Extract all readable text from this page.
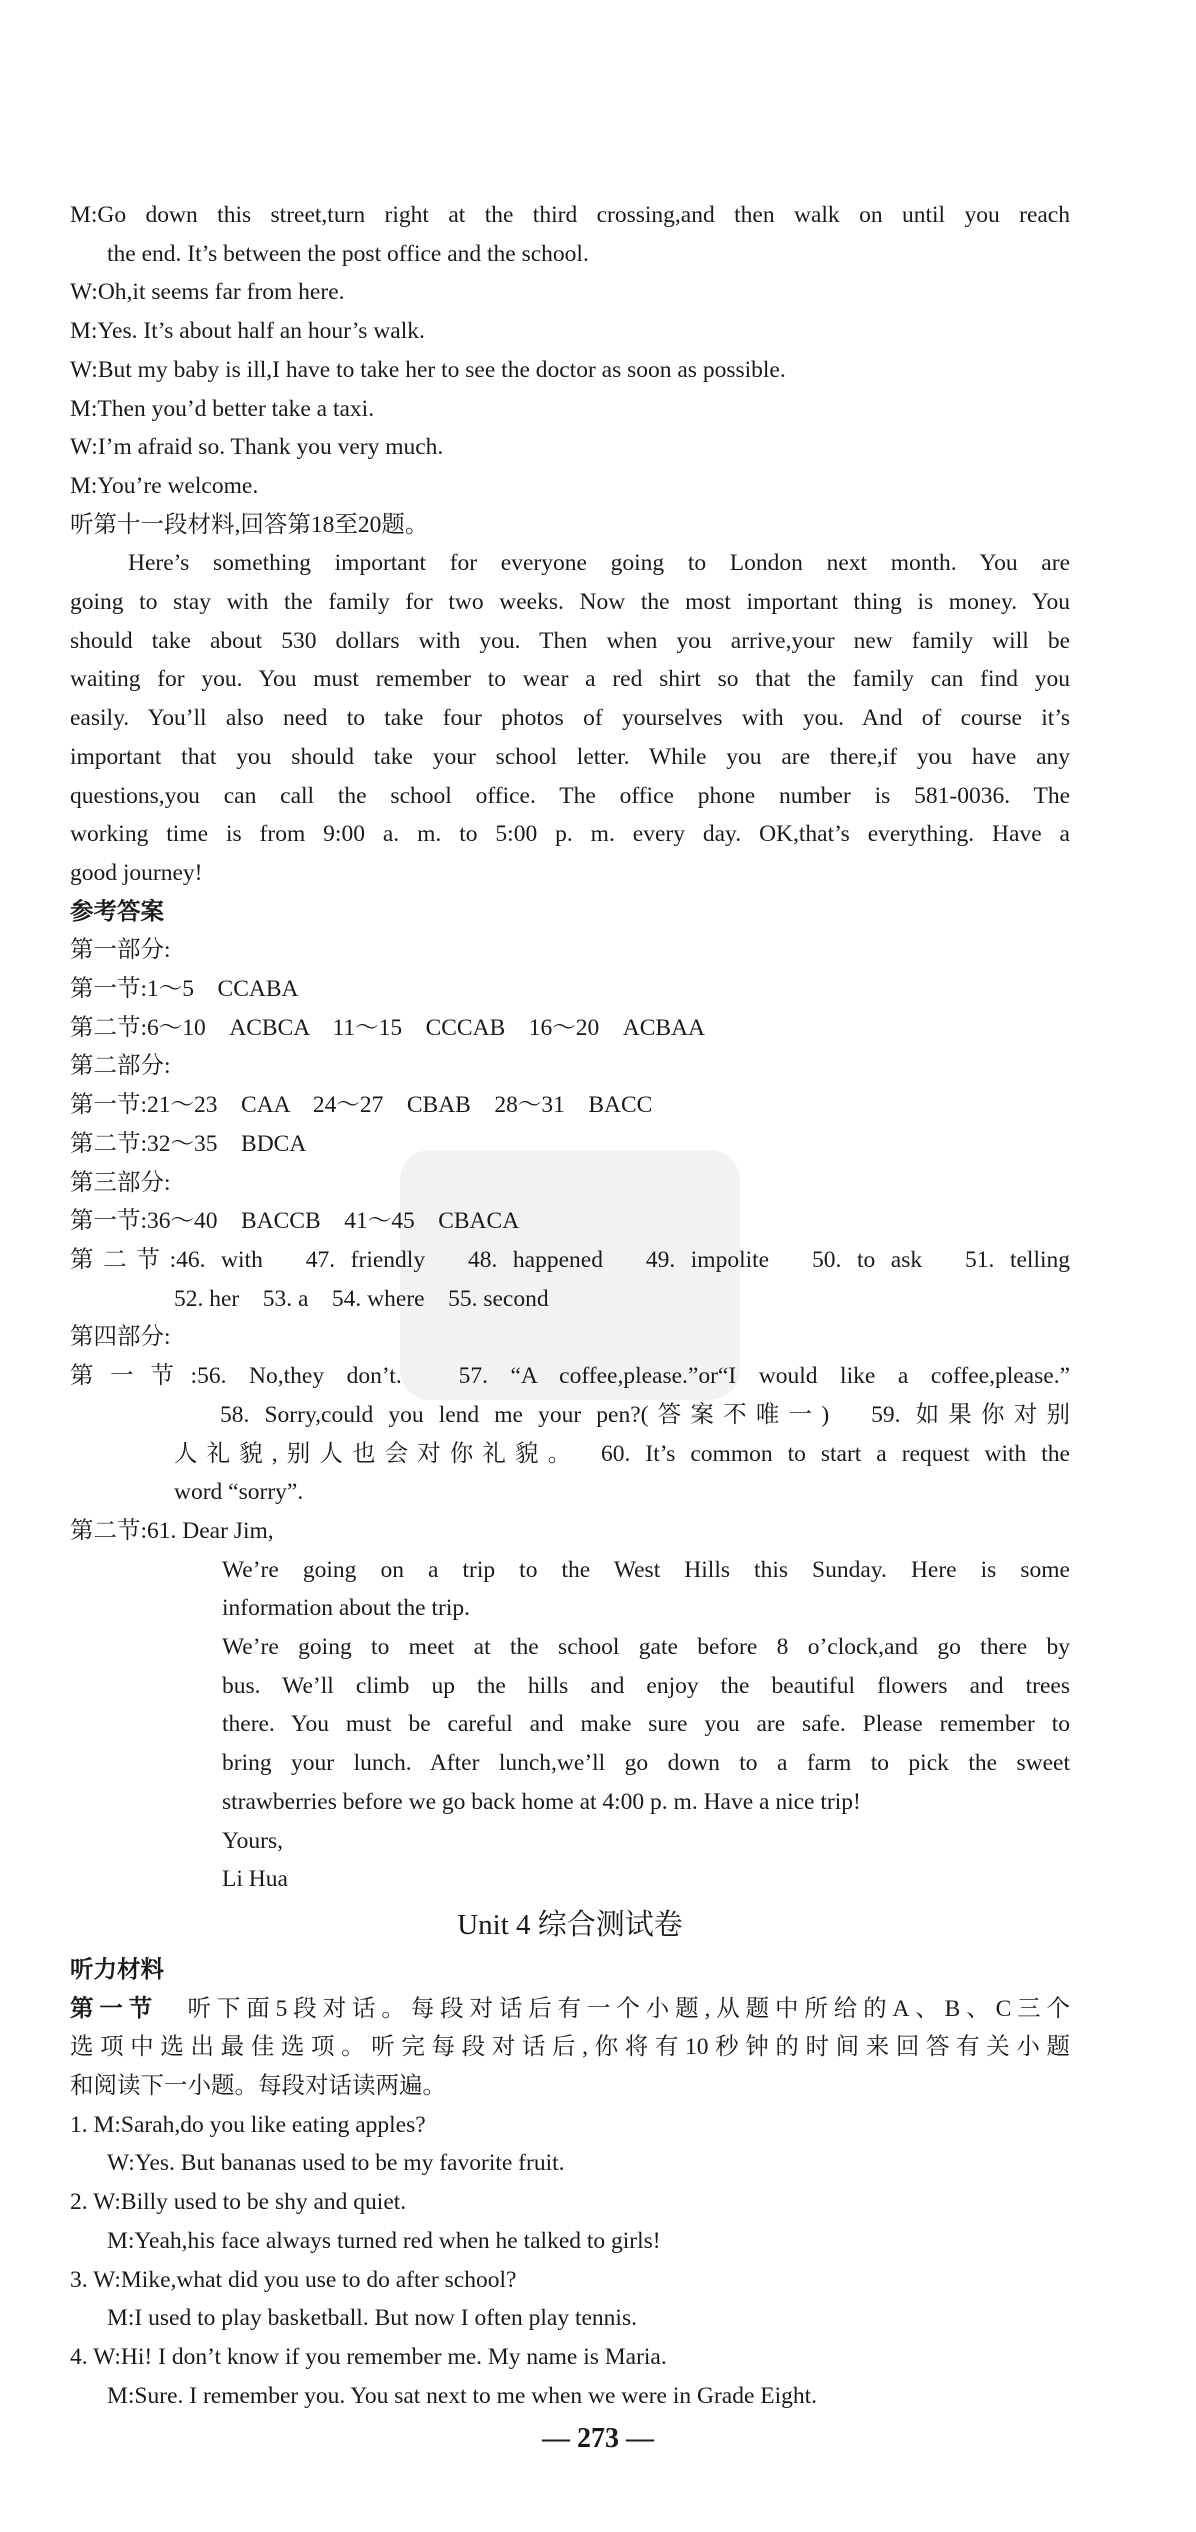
M:Go down this street,turn right at the third crossing,and then walk on until you reach
the end. It’s between the post office and the school.
W:Oh,it seems far from here.
M:Yes. It’s about half an hour’s walk.
W:But my baby is ill,I have to take her to see the doctor as soon as possible.
M:Then you’d better take a taxi.
W:I’m afraid so. Thank you very much.
M:You’re welcome.
听第十一段材料,回答第18至20题。
Here’s something important for everyone going to London next month. You are
going to stay with the family for two weeks. Now the most important thing is money. You
should take about 530 dollars with you. Then when you arrive,your new family will be
waiting for you. You must remember to wear a red shirt so that the family can find you
easily. You’ll also need to take four photos of yourselves with you. And of course it’s
important that you should take your school letter. While you are there,if you have any
questions,you can call the school office. The office phone number is 581-0036. The
working time is from 9:00 a. m. to 5:00 p. m. every day. OK,that’s everything. Have a
good journey!
参考答案
第一部分:
第一节:1～5　CCABA
第二节:6～10　ACBCA　11～15　CCCAB　16～20　ACBAA
第二部分:
第一节:21～23　CAA　24～27　CBAB　28～31　BACC
第二节:32～35　BDCA
第三部分:
第一节:36～40　BACCB　41～45　CBACA
第二节:46. with　47. friendly　48. happened　49. impolite　50. to ask　51. telling
52. her　53. a　54. where　55. second
第四部分:
第一节:56. No,they don’t.　57. “A coffee,please.”or“I would like a coffee,please.”
58. Sorry,could you lend me your pen?(答案不唯一)　59. 如果你对别
人礼貌,别人也会对你礼貌。　60. It’s common to start a request with the
word “sorry”.
第二节:61. Dear Jim,
We’re going on a trip to the West Hills this Sunday. Here is some
information about the trip.
We’re going to meet at the school gate before 8 o’clock,and go there by
bus. We’ll climb up the hills and enjoy the beautiful flowers and trees
there. You must be careful and make sure you are safe. Please remember to
bring your lunch. After lunch,we’ll go down to a farm to pick the sweet
strawberries before we go back home at 4:00 p. m. Have a nice trip!
Yours,
Li Hua
Unit 4 综合测试卷
听力材料
第一节　 听下面5段对话。每段对话后有一个小题,从题中所给的A、B、C三个
选项中选出最佳选项。听完每段对话后,你将有10秒钟的时间来回答有关小题
和阅读下一小题。每段对话读两遍。
1. M:Sarah,do you like eating apples?
W:Yes. But bananas used to be my favorite fruit.
2. W:Billy used to be shy and quiet.
M:Yeah,his face always turned red when he talked to girls!
3. W:Mike,what did you use to do after school?
M:I used to play basketball. But now I often play tennis.
4. W:Hi! I don’t know if you remember me. My name is Maria.
M:Sure. I remember you. You sat next to me when we were in Grade Eight.
— 273 —
